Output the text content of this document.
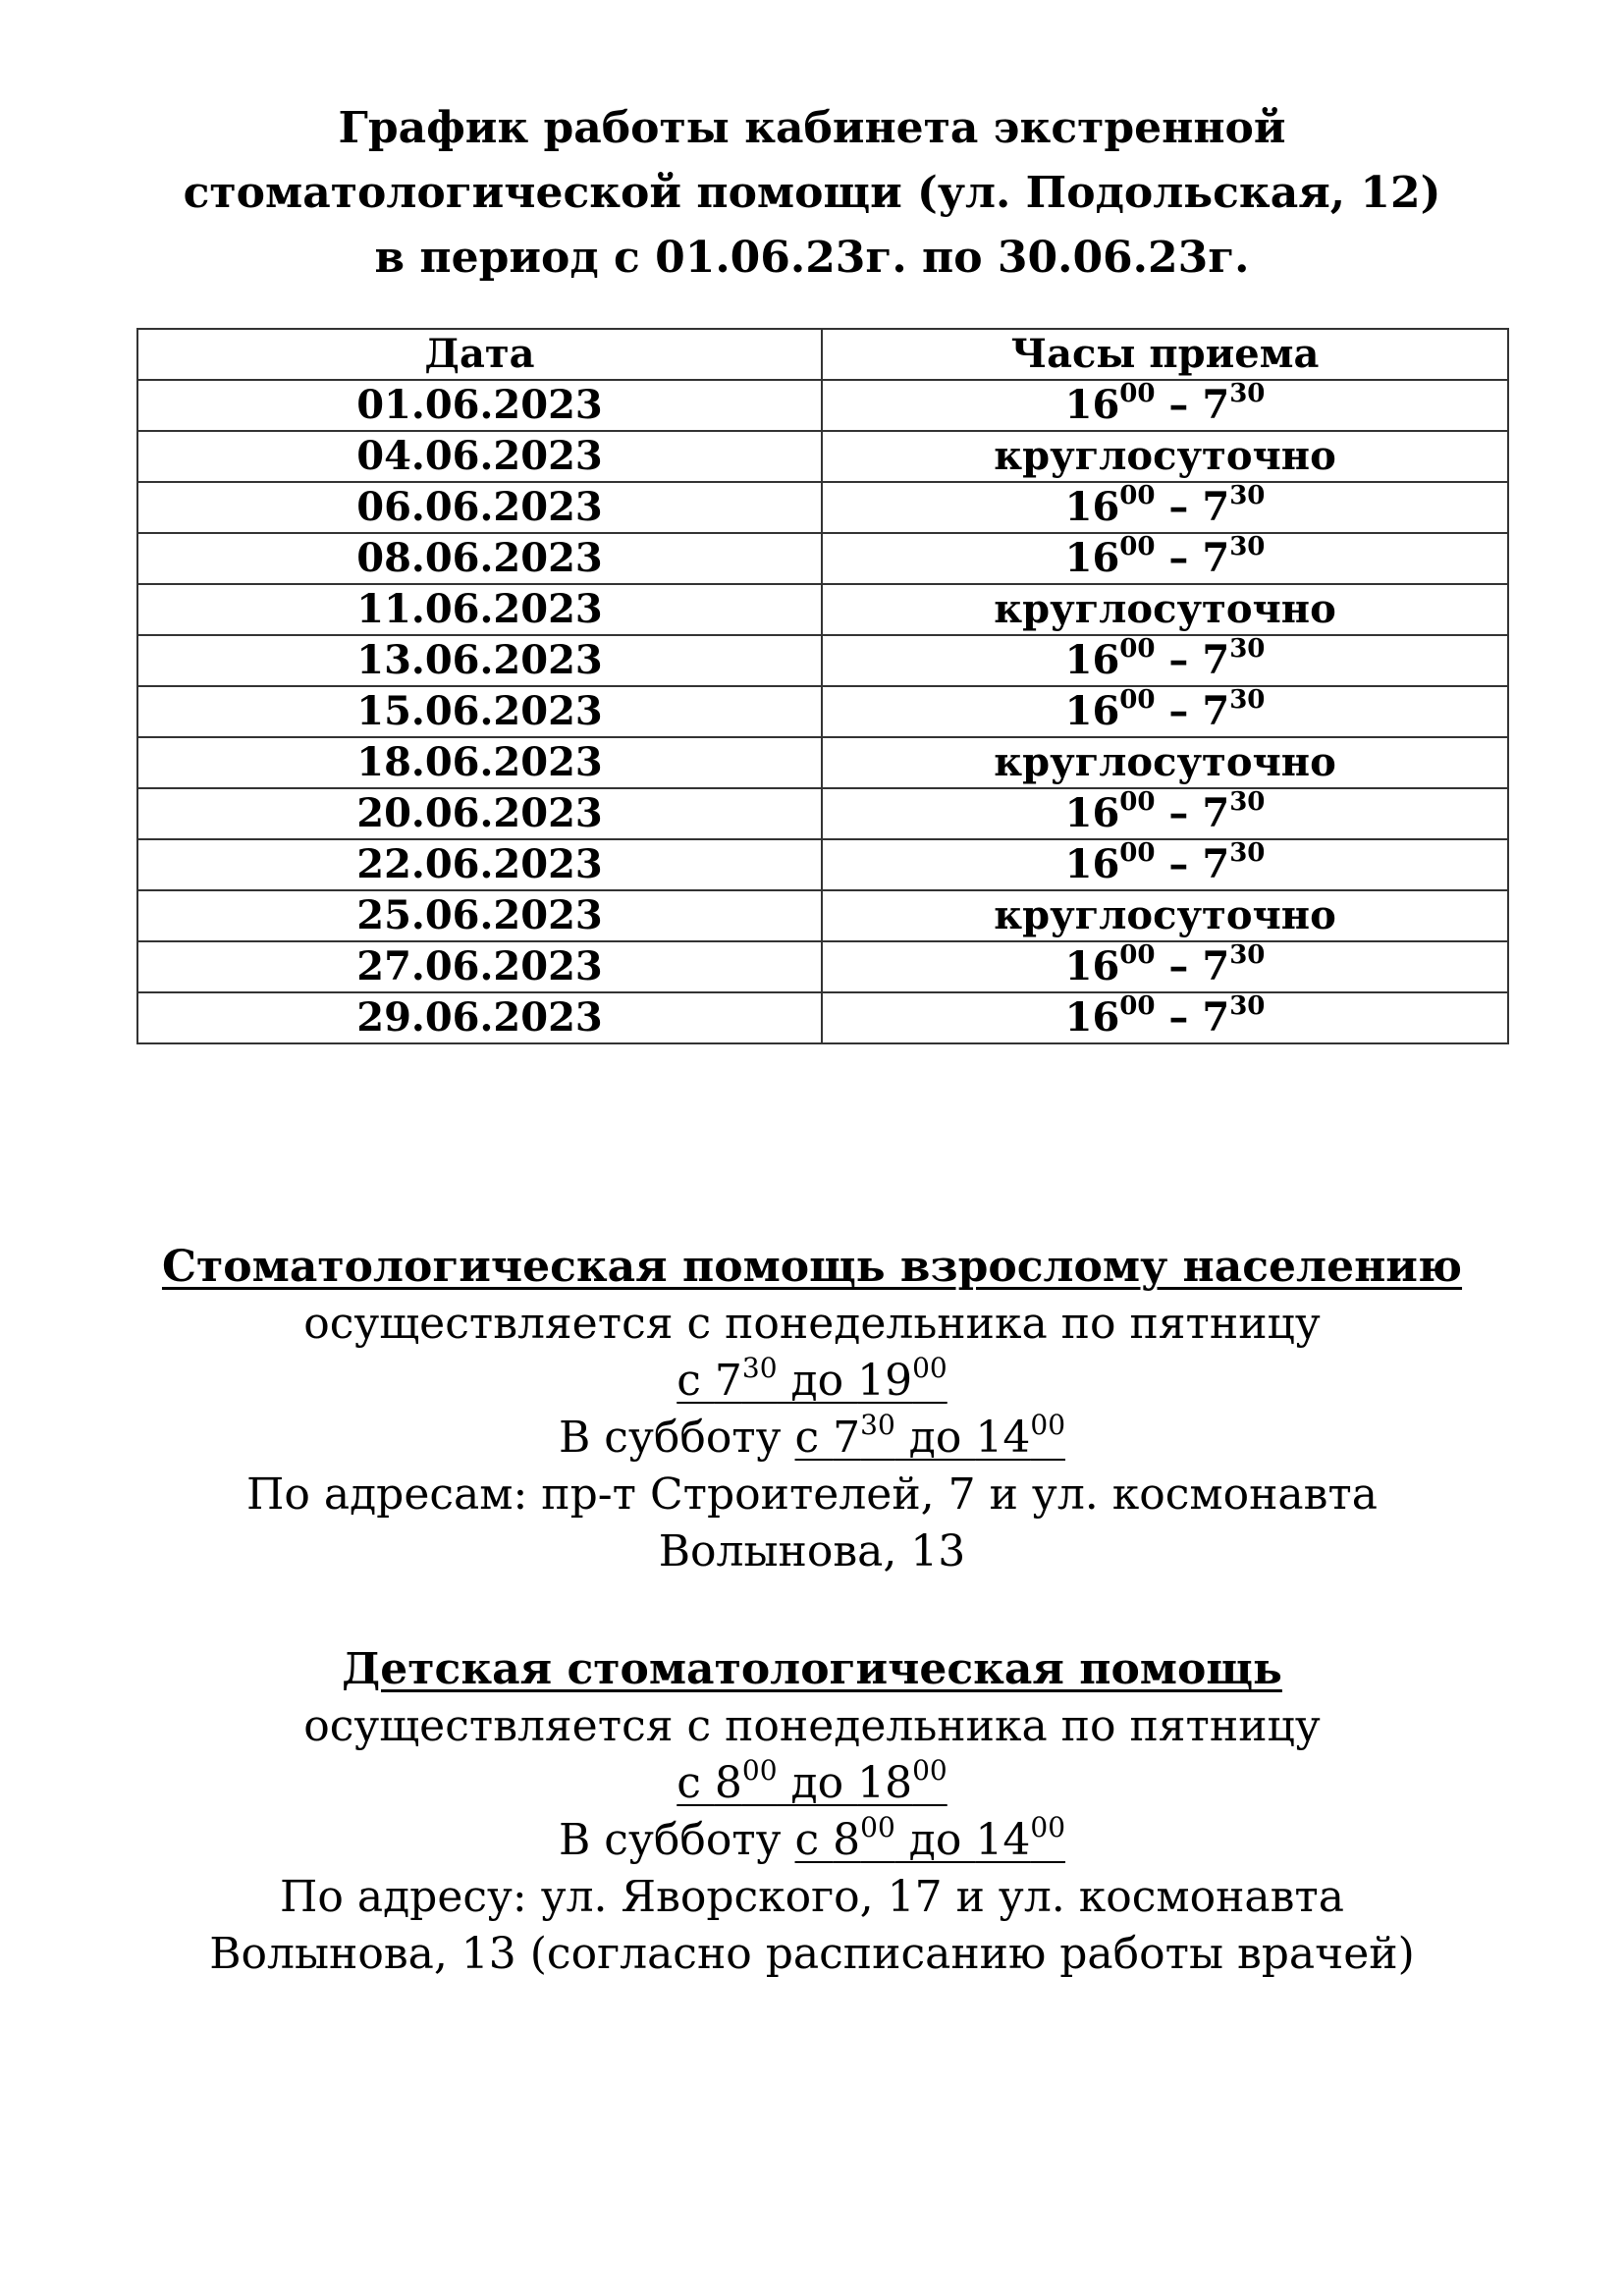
График работы кабинета экстренной
стоматологической помощи (ул. Подольская, 12)
в период с 01.06.23г. по 30.06.23г.
Дата	Часы приема
01.06.2023	$16^{00} - 7^{30}$
04.06.2023	круглосуточно
06.06.2023	$16^{00} - 7^{30}$
08.06.2023	$16^{00} - 7^{30}$
11.06.2023	круглосуточно
13.06.2023	$16^{00} - 7^{30}$
15.06.2023	$16^{00} - 7^{30}$
18.06.2023	круглосуточно
20.06.2023	$16^{00} - 7^{30}$
22.06.2023	$16^{00} - 7^{30}$
25.06.2023	круглосуточно
27.06.2023	$16^{00} - 7^{30}$
29.06.2023	$16^{00} - 7^{30}$
Стоматологическая помощь взрослому населению
осуществляется с понедельника по пятницу
с $7^{30}$ до $19^{00}$
В субботу с $7^{30}$ до $14^{00}$
По адресам: пр-т Строителей, 7 и ул. космонавта
Волынова, 13
Детская стоматологическая помощь
осуществляется с понедельника по пятницу
с $8^{00}$ до $18^{00}$
В субботу с $8^{00}$ до $14^{00}$
По адресу: ул. Яворского, 17 и ул. космонавта
Волынова, 13 (согласно расписанию работы врачей)
